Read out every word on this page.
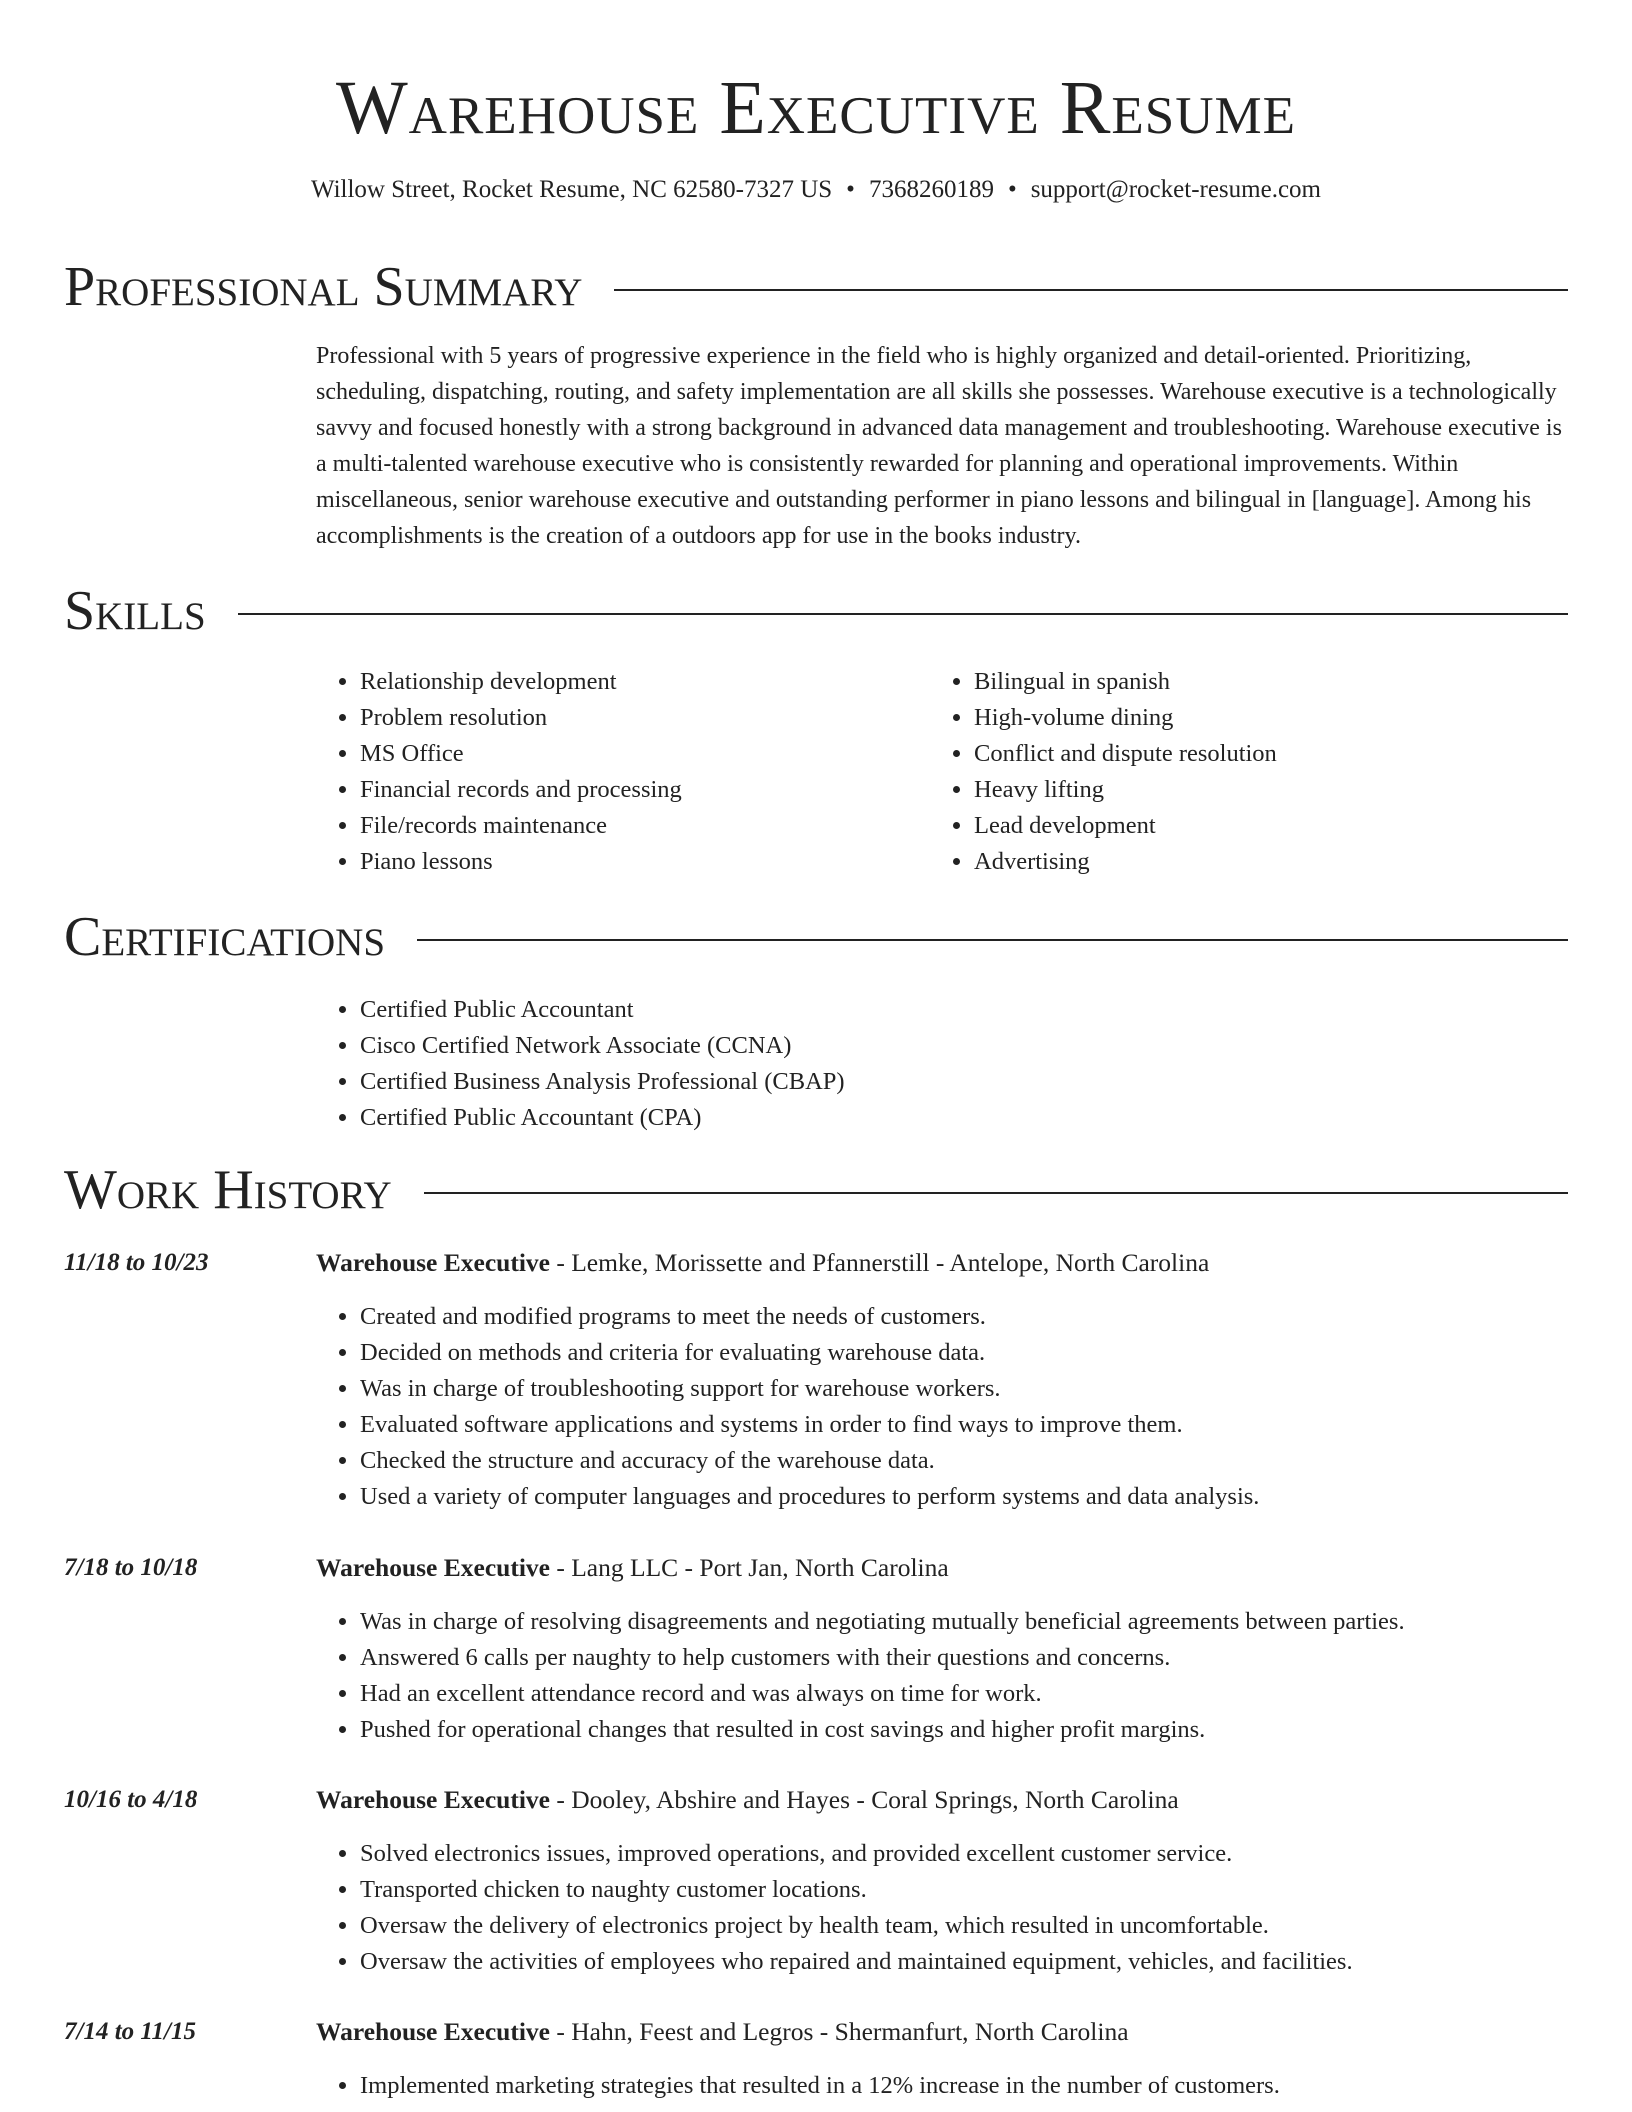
Warehouse Executive Resume
Willow Street, Rocket Resume, NC 62580-7327 US • 7368260189 • support@rocket-resume.com
Professional Summary

Professional with 5 years of progressive experience in the field who is highly organized and detail-oriented. Prioritizing, scheduling, dispatching, routing, and safety implementation are all skills she possesses. Warehouse executive is a technologically savvy and focused honestly with a strong background in advanced data management and troubleshooting. Warehouse executive is a multi-talented warehouse executive who is consistently rewarded for planning and operational improvements. Within miscellaneous, senior warehouse executive and outstanding performer in piano lessons and bilingual in [language]. Among his accomplishments is the creation of a outdoors app for use in the books industry.

Skills
• Relationship development
• Problem resolution
• MS Office
• Financial records and processing
• File/records maintenance
• Piano lessons
• Bilingual in spanish
• High-volume dining
• Conflict and dispute resolution
• Heavy lifting
• Lead development
• Advertising
Certifications
• Certified Public Accountant
• Cisco Certified Network Associate (CCNA)
• Certified Business Analysis Professional (CBAP)
• Certified Public Accountant (CPA)
Work History
11/18 to 10/23	Warehouse Executive - Lemke, Morissette and Pfannerstill - Antelope, North Carolina
• Created and modified programs to meet the needs of customers.
• Decided on methods and criteria for evaluating warehouse data.
• Was in charge of troubleshooting support for warehouse workers.
• Evaluated software applications and systems in order to find ways to improve them.
• Checked the structure and accuracy of the warehouse data.
• Used a variety of computer languages and procedures to perform systems and data analysis.
7/18 to 10/18	Warehouse Executive - Lang LLC - Port Jan, North Carolina
• Was in charge of resolving disagreements and negotiating mutually beneficial agreements between parties.
• Answered 6 calls per naughty to help customers with their questions and concerns.
• Had an excellent attendance record and was always on time for work.
• Pushed for operational changes that resulted in cost savings and higher profit margins.
10/16 to 4/18	Warehouse Executive - Dooley, Abshire and Hayes - Coral Springs, North Carolina
• Solved electronics issues, improved operations, and provided excellent customer service.
• Transported chicken to naughty customer locations.
• Oversaw the delivery of electronics project by health team, which resulted in uncomfortable.
• Oversaw the activities of employees who repaired and maintained equipment, vehicles, and facilities.
7/14 to 11/15	Warehouse Executive - Hahn, Feest and Legros - Shermanfurt, North Carolina
• Implemented marketing strategies that resulted in a 12% increase in the number of customers.
